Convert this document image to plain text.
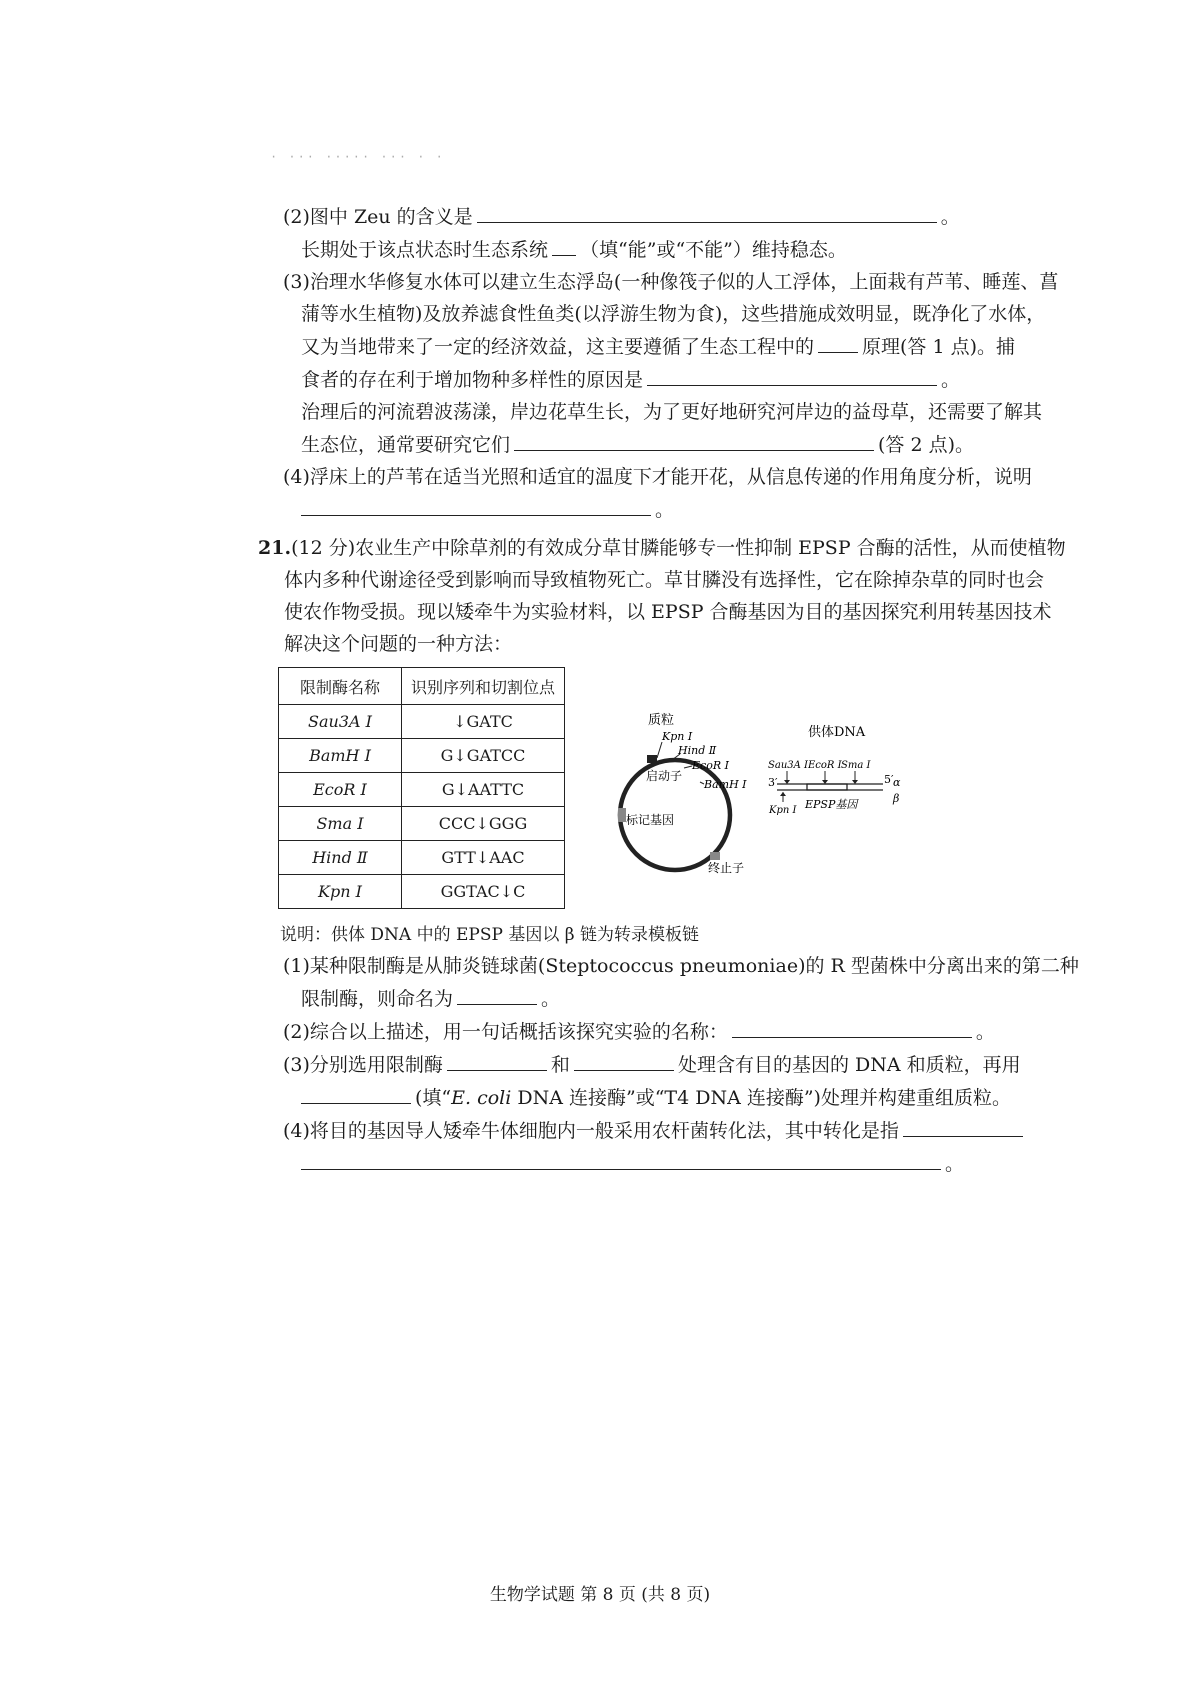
· ··· ····· ··· · ·
(2)图中 Zeu 的含义是	。
长期处于该点状态时生态系统 （填“能”或“不能”）维持稳态。
(3)治理水华修复水体可以建立生态浮岛(一种像筏子似的人工浮体，上面栽有芦苇、睡莲、菖
蒲等水生植物)及放养滤食性鱼类(以浮游生物为食)，这些措施成效明显，既净化了水体，
又为当地带来了一定的经济效益，这主要遵循了生态工程中的	原理(答 1 点)。捕
食者的存在利于增加物种多样性的原因是	。
治理后的河流碧波荡漾，岸边花草生长，为了更好地研究河岸边的益母草，还需要了解其
生态位，通常要研究它们	(答 2 点)。
(4)浮床上的芦苇在适当光照和适宜的温度下才能开花，从信息传递的作用角度分析，说明
。
21.(12 分)农业生产中除草剂的有效成分草甘膦能够专一性抑制 EPSP 合酶的活性，从而使植物
体内多种代谢途径受到影响而导致植物死亡。草甘膦没有选择性，它在除掉杂草的同时也会
使农作物受损。现以矮牵牛为实验材料，以 EPSP 合酶基因为目的基因探究利用转基因技术
解决这个问题的一种方法：
限制酶名称	识别序列和切割位点
Sau3A Ⅰ	↓GATC
BamH Ⅰ	G↓GATCC
EcoR Ⅰ	G↓AATTC
Sma Ⅰ	CCC↓GGG
Hind Ⅱ	GTT↓AAC
Kpn Ⅰ	GGTAC↓C
质粒
Kpn Ⅰ
Hind Ⅱ
EcoR Ⅰ
BamH Ⅰ
启动子
标记基因
终止子
供体DNA
Sau3A Ⅰ EcoR Ⅰ Sma Ⅰ
3′	5′ α
β
Kpn Ⅰ EPSP基因
说明：供体 DNA 中的 EPSP 基因以 β 链为转录模板链
(1)某种限制酶是从肺炎链球菌(Steptococcus pneumoniae)的 R 型菌株中分离出来的第二种
限制酶，则命名为	。
(2)综合以上描述，用一句话概括该探究实验的名称：	。
(3)分别选用限制酶	和	处理含有目的基因的 DNA 和质粒，再用
(填“E. coli DNA 连接酶”或“T4 DNA 连接酶”)处理并构建重组质粒。
(4)将目的基因导人矮牵牛体细胞内一般采用农杆菌转化法，其中转化是指
。
生物学试题 第 8 页 (共 8 页)
